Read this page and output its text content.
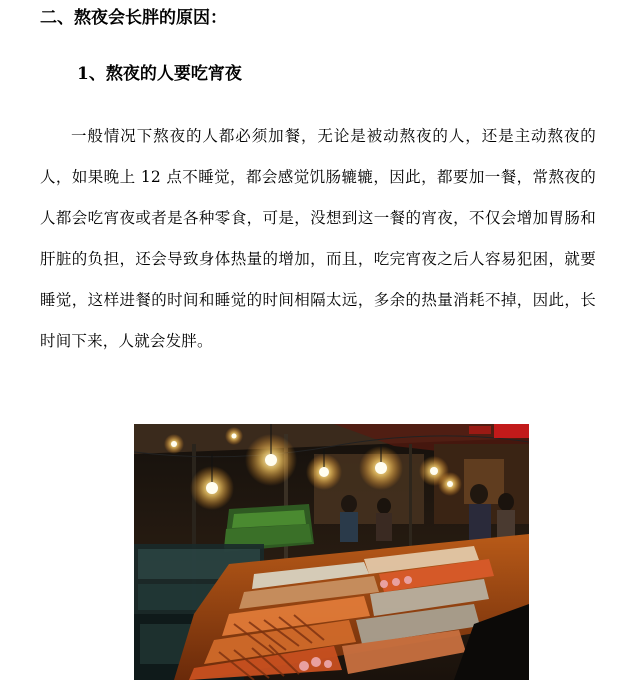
二、熬夜会长胖的原因：
1、熬夜的人要吃宵夜

一般情况下熬夜的人都必须加餐，无论是被动熬夜的人，还是主动熬夜的人，如果晚上 12 点不睡觉，都会感觉饥肠辘辘，因此，都要加一餐，常熬夜的人都会吃宵夜或者是各种零食，可是，没想到这一餐的宵夜，不仅会增加胃肠和肝脏的负担，还会导致身体热量的增加，而且，吃完宵夜之后人容易犯困，就要睡觉，这样进餐的时间和睡觉的时间相隔太远，多余的热量消耗不掉，因此，长时间下来，人就会发胖。
